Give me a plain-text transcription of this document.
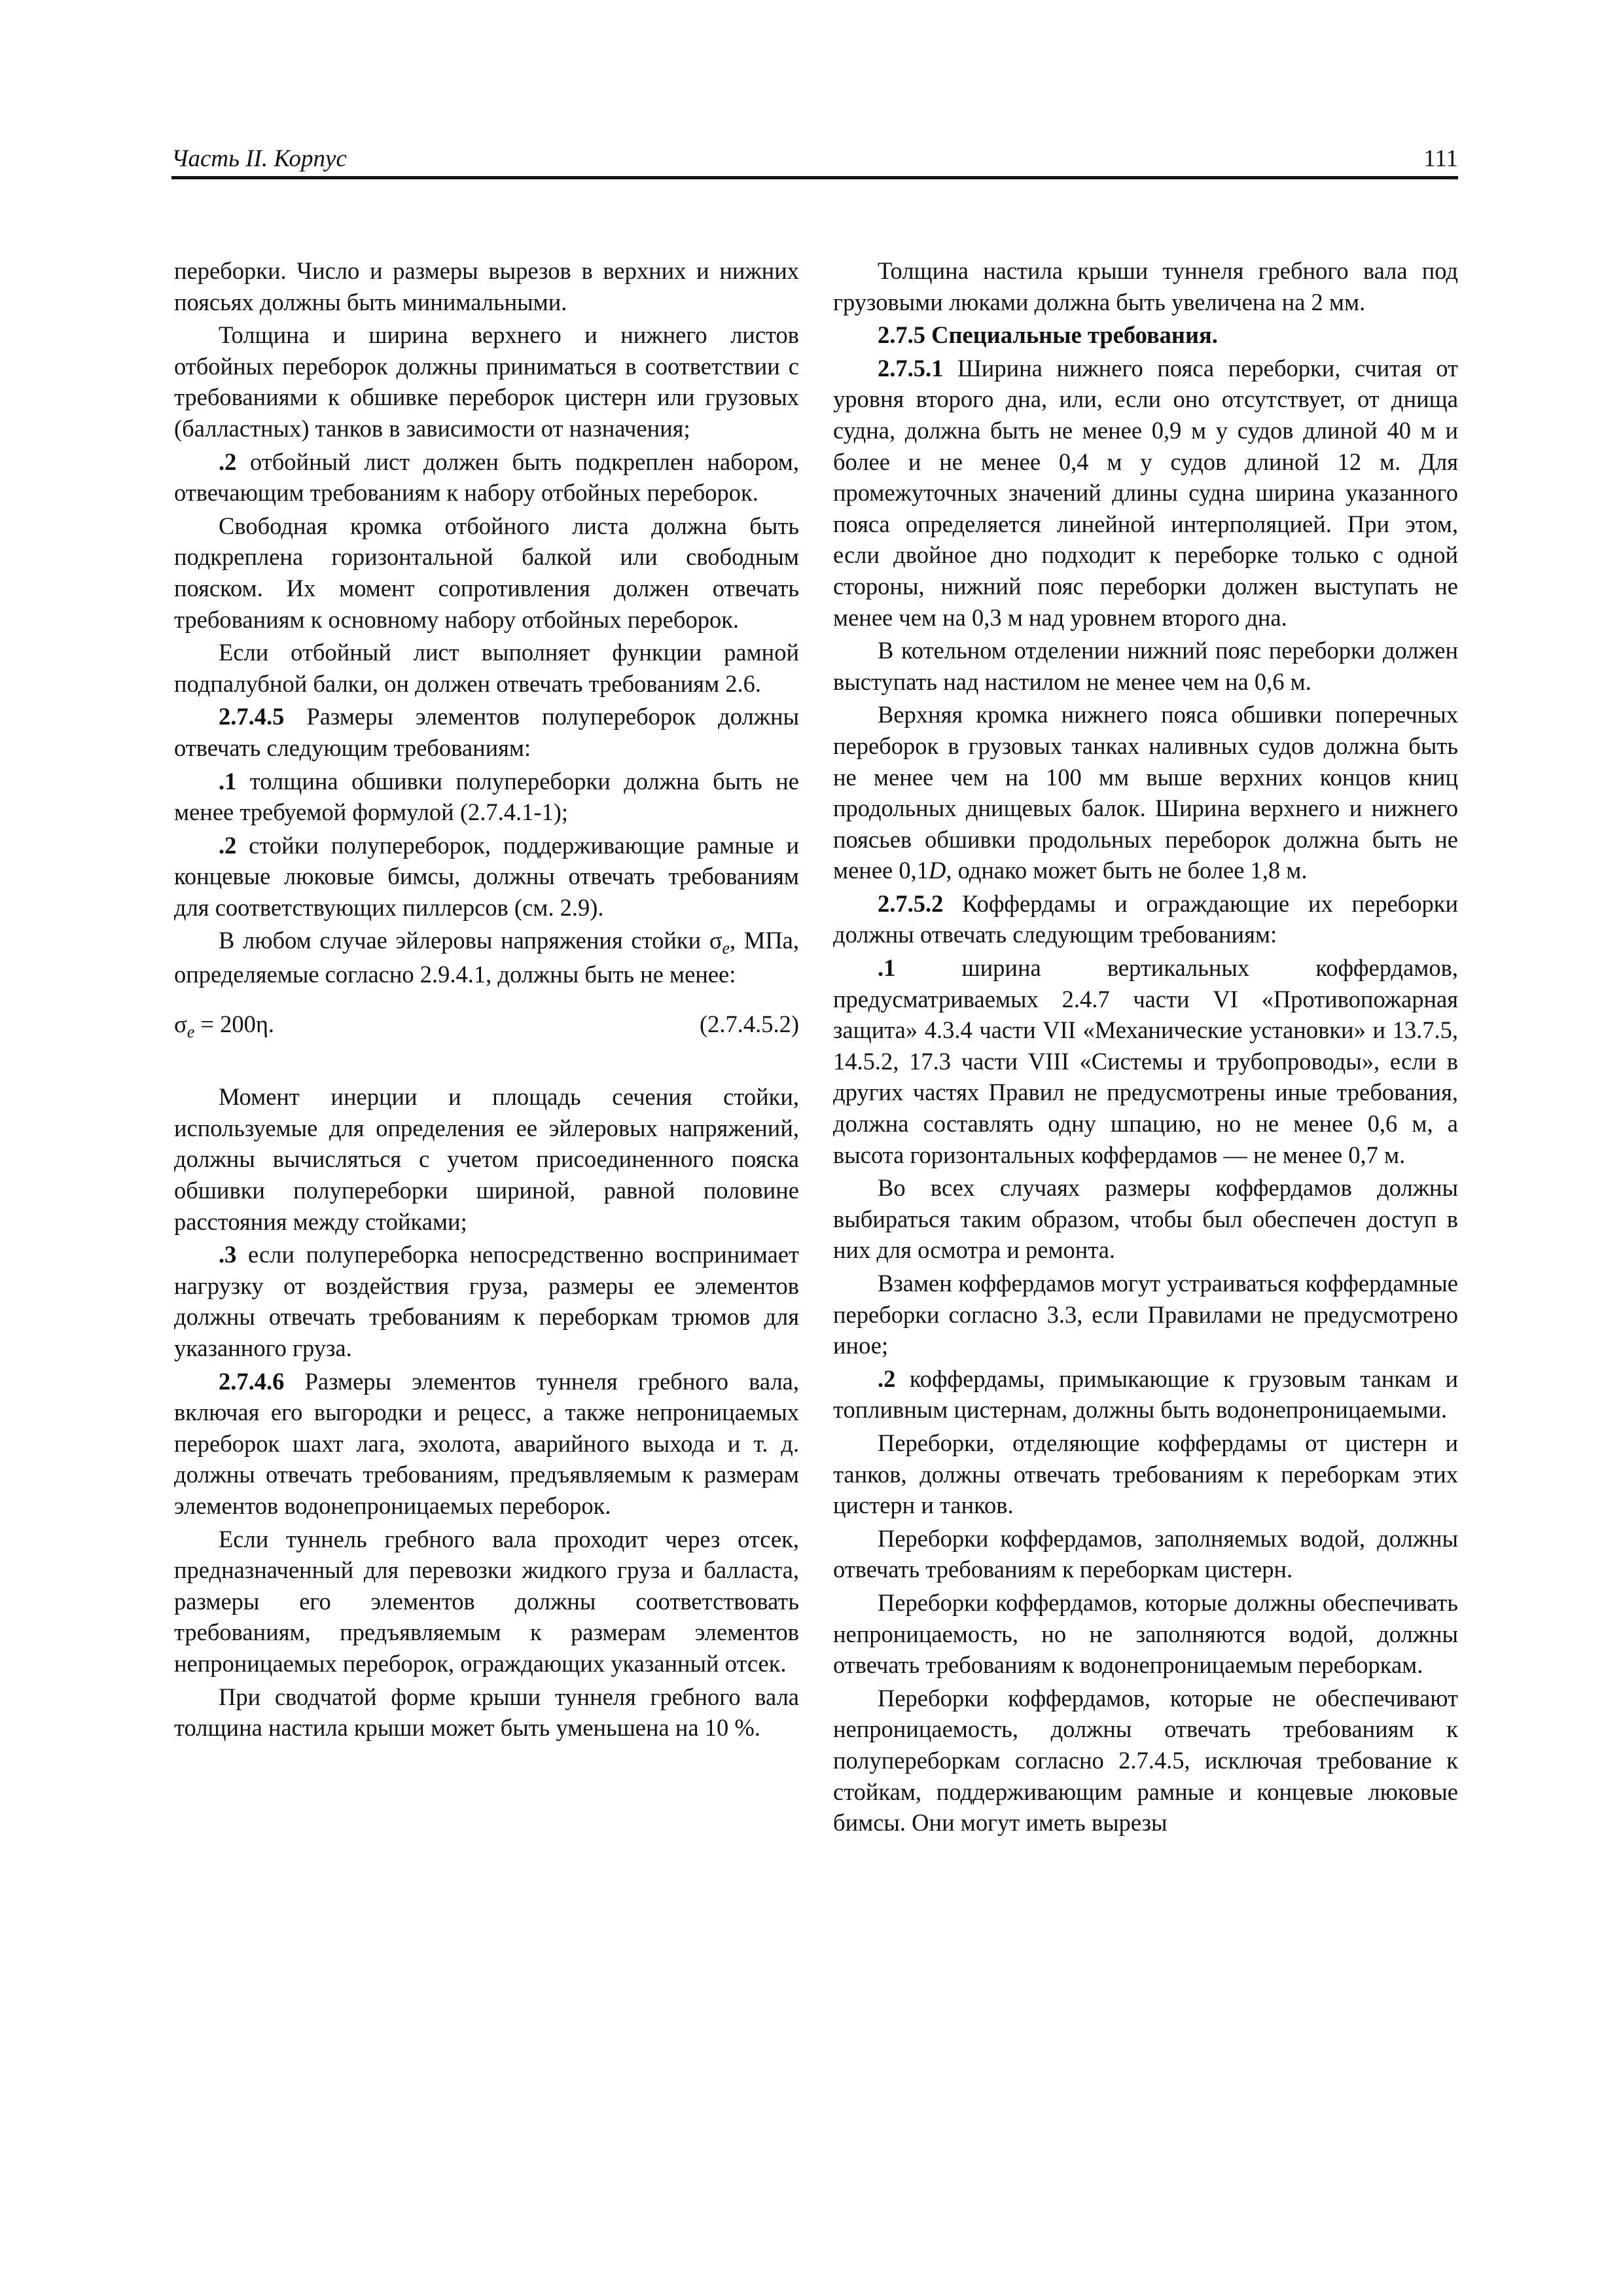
Часть II. Корпус	111

переборки. Число и размеры вырезов в верхних и нижних поясьях должны быть минимальными.

Толщина и ширина верхнего и нижнего листов отбойных переборок должны приниматься в соответствии с требованиями к обшивке переборок цистерн или грузовых (балластных) танков в зависимости от назначения;

.2 отбойный лист должен быть подкреплен набором, отвечающим требованиям к набору отбойных переборок.

Свободная кромка отбойного листа должна быть подкреплена горизонтальной балкой или свободным пояском. Их момент сопротивления должен отвечать требованиям к основному набору отбойных переборок.

Если отбойный лист выполняет функции рамной подпалубной балки, он должен отвечать требованиям 2.6.

2.7.4.5 Размеры элементов полупереборок должны отвечать следующим требованиям:

.1 толщина обшивки полупереборки должна быть не менее требуемой формулой (2.7.4.1-1);

.2 стойки полупереборок, поддерживающие рамные и концевые люковые бимсы, должны отвечать требованиям для соответствующих пиллерсов (см. 2.9).

В любом случае эйлеровы напряжения стойки $\sigma_e$, МПа, определяемые согласно 2.9.4.1, должны быть не менее:

$\sigma_e = 200\eta$.	(2.7.4.5.2)

Момент инерции и площадь сечения стойки, используемые для определения ее эйлеровых напряжений, должны вычисляться с учетом присоединенного пояска обшивки полупереборки шириной, равной половине расстояния между стойками;

.3 если полупереборка непосредственно воспринимает нагрузку от воздействия груза, размеры ее элементов должны отвечать требованиям к переборкам трюмов для указанного груза.

2.7.4.6 Размеры элементов туннеля гребного вала, включая его выгородки и рецесс, а также непроницаемых переборок шахт лага, эхолота, аварийного выхода и т. д. должны отвечать требованиям, предъявляемым к размерам элементов водонепроницаемых переборок.

Если туннель гребного вала проходит через отсек, предназначенный для перевозки жидкого груза и балласта, размеры его элементов должны соответствовать требованиям, предъявляемым к размерам элементов непроницаемых переборок, ограждающих указанный отсек.

При сводчатой форме крыши туннеля гребного вала толщина настила крыши может быть уменьшена на 10 %.

Толщина настила крыши туннеля гребного вала под грузовыми люками должна быть увеличена на 2 мм.

2.7.5 Специальные требования.

2.7.5.1 Ширина нижнего пояса переборки, считая от уровня второго дна, или, если оно отсутствует, от днища судна, должна быть не менее 0,9 м у судов длиной 40 м и более и не менее 0,4 м у судов длиной 12 м. Для промежуточных значений длины судна ширина указанного пояса определяется линейной интерполяцией. При этом, если двойное дно подходит к переборке только с одной стороны, нижний пояс переборки должен выступать не менее чем на 0,3 м над уровнем второго дна.

В котельном отделении нижний пояс переборки должен выступать над настилом не менее чем на 0,6 м.

Верхняя кромка нижнего пояса обшивки поперечных переборок в грузовых танках наливных судов должна быть не менее чем на 100 мм выше верхних концов книц продольных днищевых балок. Ширина верхнего и нижнего поясьев обшивки продольных переборок должна быть не менее 0,1D, однако может быть не более 1,8 м.

2.7.5.2 Коффердамы и ограждающие их переборки должны отвечать следующим требованиям:

.1 ширина вертикальных коффердамов, предусматриваемых 2.4.7 части VI «Противопожарная защита» 4.3.4 части VII «Механические установки» и 13.7.5, 14.5.2, 17.3 части VIII «Системы и трубопроводы», если в других частях Правил не предусмотрены иные требования, должна составлять одну шпацию, но не менее 0,6 м, а высота горизонтальных коффердамов — не менее 0,7 м.

Во всех случаях размеры коффердамов должны выбираться таким образом, чтобы был обеспечен доступ в них для осмотра и ремонта.

Взамен коффердамов могут устраиваться коффердамные переборки согласно 3.3, если Правилами не предусмотрено иное;

.2 коффердамы, примыкающие к грузовым танкам и топливным цистернам, должны быть водонепроницаемыми.

Переборки, отделяющие коффердамы от цистерн и танков, должны отвечать требованиям к переборкам этих цистерн и танков.

Переборки коффердамов, заполняемых водой, должны отвечать требованиям к переборкам цистерн.

Переборки коффердамов, которые должны обеспечивать непроницаемость, но не заполняются водой, должны отвечать требованиям к водонепроницаемым переборкам.

Переборки коффердамов, которые не обеспечивают непроницаемость, должны отвечать требованиям к полупереборкам согласно 2.7.4.5, исключая требование к стойкам, поддерживающим рамные и концевые люковые бимсы. Они могут иметь вырезы
